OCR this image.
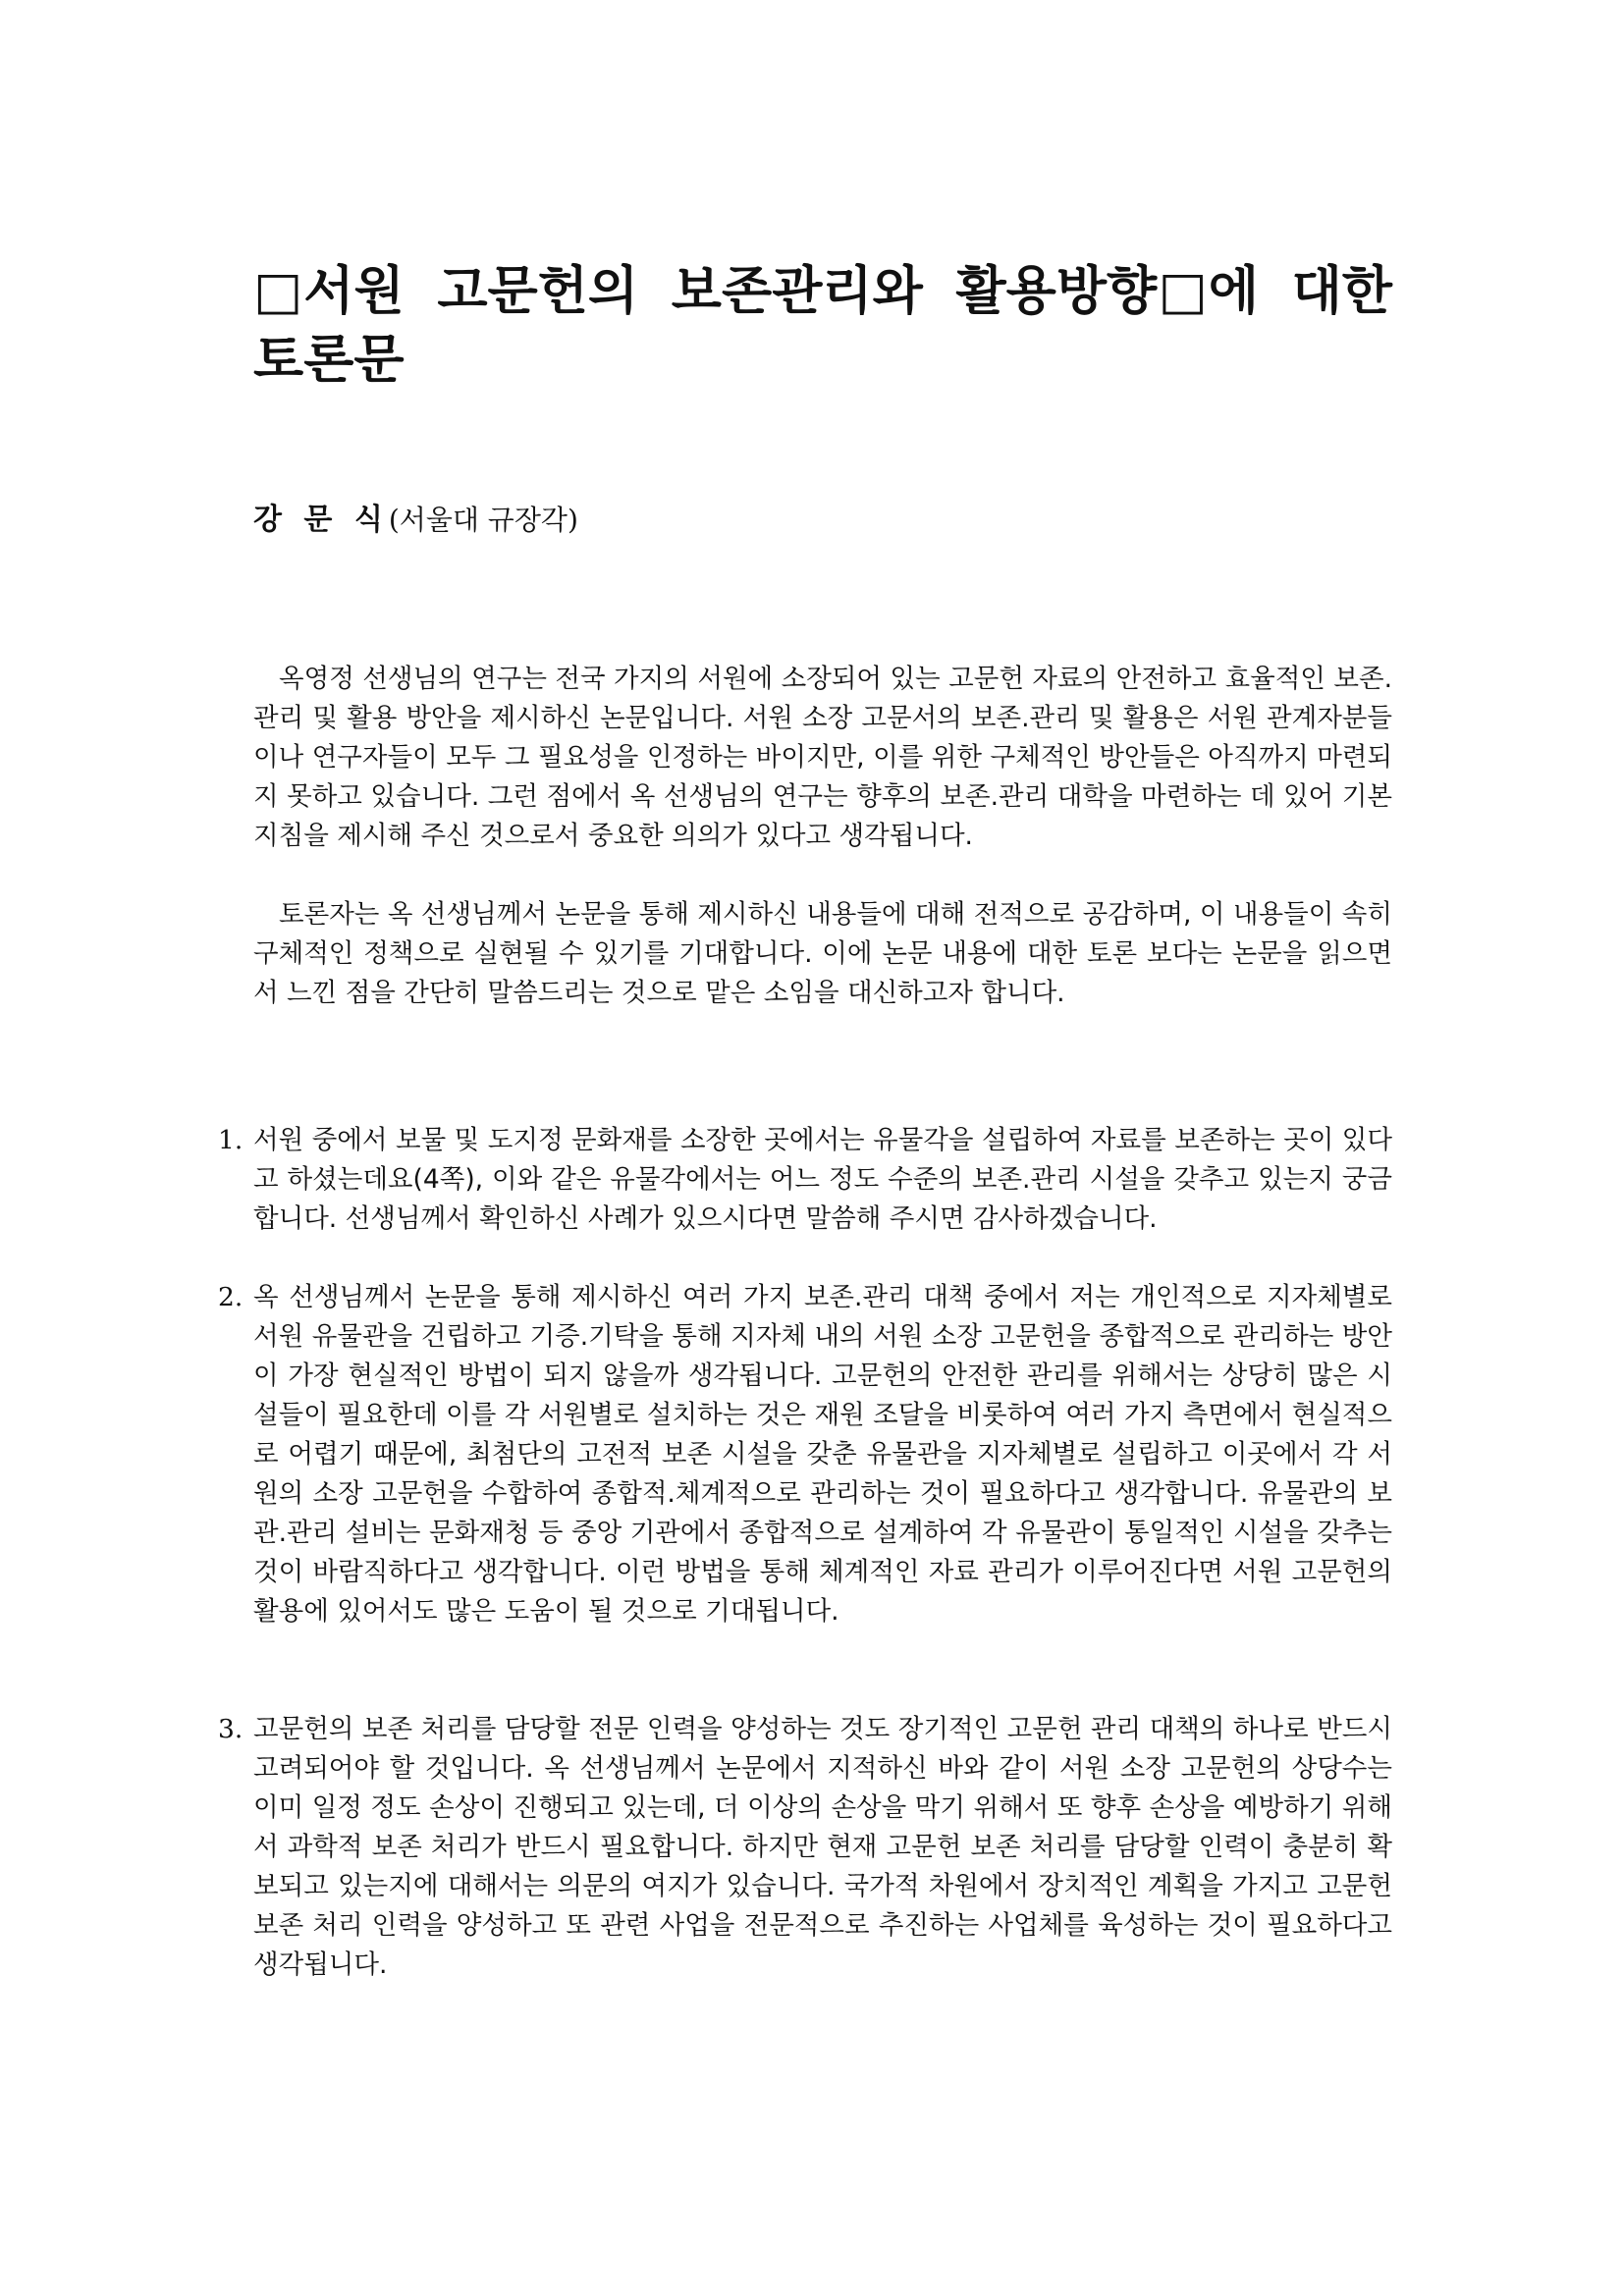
□서원 고문헌의 보존관리와 활용방향□에 대한 토론문

강 문 식(서울대 규장각)

옥영정 선생님의 연구는 전국 가지의 서원에 소장되어 있는 고문헌 자료의 안전하고 효율적인 보존.관리 및 활용 방안을 제시하신 논문입니다. 서원 소장 고문서의 보존.관리 및 활용은 서원 관계자분들이나 연구자들이 모두 그 필요성을 인정하는 바이지만, 이를 위한 구체적인 방안들은 아직까지 마련되지 못하고 있습니다. 그런 점에서 옥 선생님의 연구는 향후의 보존.관리 대학을 마련하는 데 있어 기본 지침을 제시해 주신 것으로서 중요한 의의가 있다고 생각됩니다.

토론자는 옥 선생님께서 논문을 통해 제시하신 내용들에 대해 전적으로 공감하며, 이 내용들이 속히 구체적인 정책으로 실현될 수 있기를 기대합니다. 이에 논문 내용에 대한 토론 보다는 논문을 읽으면서 느낀 점을 간단히 말씀드리는 것으로 맡은 소임을 대신하고자 합니다.

1. 서원 중에서 보물 및 도지정 문화재를 소장한 곳에서는 유물각을 설립하여 자료를 보존하는 곳이 있다고 하셨는데요(4쪽), 이와 같은 유물각에서는 어느 정도 수준의 보존.관리 시설을 갖추고 있는지 궁금합니다. 선생님께서 확인하신 사례가 있으시다면 말씀해 주시면 감사하겠습니다.
2. 옥 선생님께서 논문을 통해 제시하신 여러 가지 보존.관리 대책 중에서 저는 개인적으로 지자체별로 서원 유물관을 건립하고 기증.기탁을 통해 지자체 내의 서원 소장 고문헌을 종합적으로 관리하는 방안이 가장 현실적인 방법이 되지 않을까 생각됩니다. 고문헌의 안전한 관리를 위해서는 상당히 많은 시설들이 필요한데 이를 각 서원별로 설치하는 것은 재원 조달을 비롯하여 여러 가지 측면에서 현실적으로 어렵기 때문에, 최첨단의 고전적 보존 시설을 갖춘 유물관을 지자체별로 설립하고 이곳에서 각 서원의 소장 고문헌을 수합하여 종합적.체계적으로 관리하는 것이 필요하다고 생각합니다. 유물관의 보관.관리 설비는 문화재청 등 중앙 기관에서 종합적으로 설계하여 각 유물관이 통일적인 시설을 갖추는 것이 바람직하다고 생각합니다. 이런 방법을 통해 체계적인 자료 관리가 이루어진다면 서원 고문헌의 활용에 있어서도 많은 도움이 될 것으로 기대됩니다.
3. 고문헌의 보존 처리를 담당할 전문 인력을 양성하는 것도 장기적인 고문헌 관리 대책의 하나로 반드시 고려되어야 할 것입니다. 옥 선생님께서 논문에서 지적하신 바와 같이 서원 소장 고문헌의 상당수는 이미 일정 정도 손상이 진행되고 있는데, 더 이상의 손상을 막기 위해서 또 향후 손상을 예방하기 위해서 과학적 보존 처리가 반드시 필요합니다. 하지만 현재 고문헌 보존 처리를 담당할 인력이 충분히 확보되고 있는지에 대해서는 의문의 여지가 있습니다. 국가적 차원에서 장치적인 계획을 가지고 고문헌 보존 처리 인력을 양성하고 또 관련 사업을 전문적으로 추진하는 사업체를 육성하는 것이 필요하다고 생각됩니다.
